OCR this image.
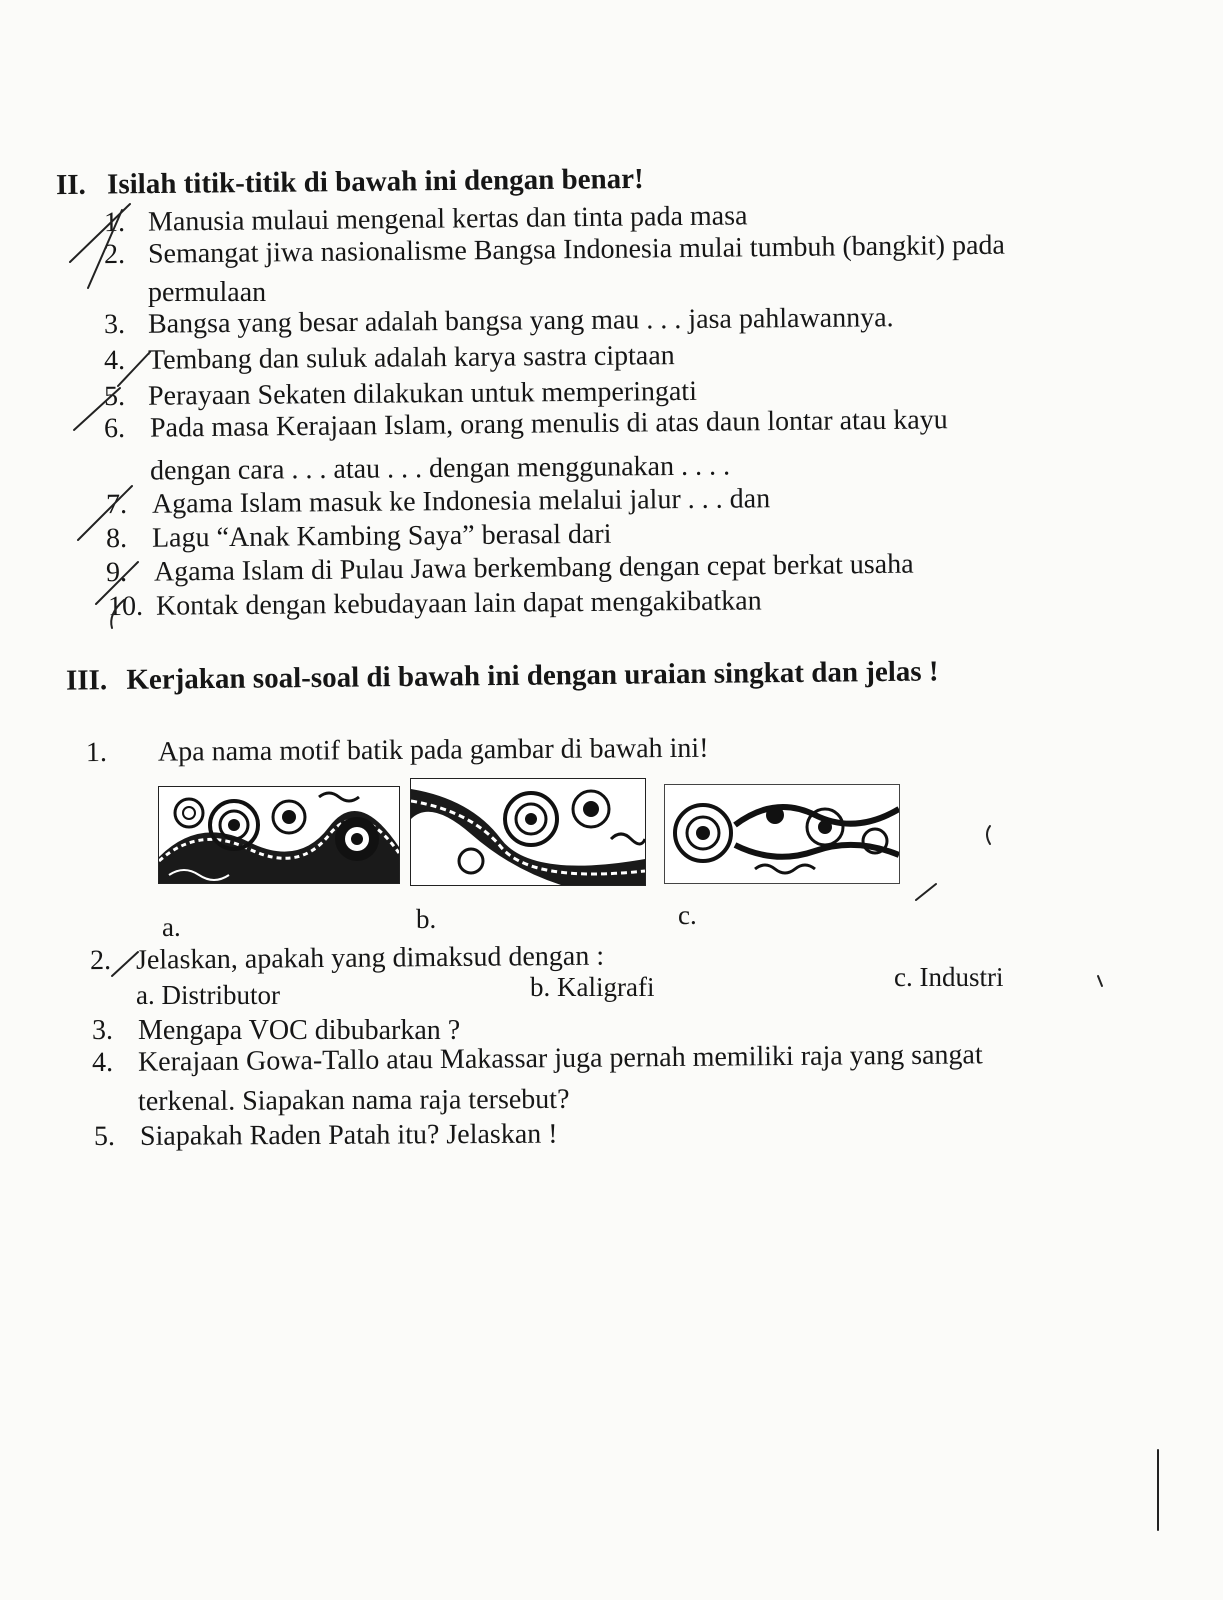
II. Isilah titik-titik di bawah ini dengan benar!
1. Manusia mulaui mengenal kertas dan tinta pada masa
2. Semangat jiwa nasionalisme Bangsa Indonesia mulai tumbuh (bangkit) pada
permulaan
3. Bangsa yang besar adalah bangsa yang mau . . . jasa pahlawannya.
4. Tembang dan suluk adalah karya sastra ciptaan
5. Perayaan Sekaten dilakukan untuk memperingati
6. Pada masa Kerajaan Islam, orang menulis di atas daun lontar atau kayu
dengan cara . . . atau . . . dengan menggunakan . . . .
7. Agama Islam masuk ke Indonesia melalui jalur . . . dan
8. Lagu “Anak Kambing Saya” berasal dari
9. Agama Islam di Pulau Jawa berkembang dengan cepat berkat usaha
10. Kontak dengan kebudayaan lain dapat mengakibatkan
III. Kerjakan soal-soal di bawah ini dengan uraian singkat dan jelas !
1. Apa nama motif batik pada gambar di bawah ini!
a.	b.	c.
2. Jelaskan, apakah yang dimaksud dengan :
a. Distributor	b. Kaligrafi	c. Industri
3. Mengapa VOC dibubarkan ?
4. Kerajaan Gowa-Tallo atau Makassar juga pernah memiliki raja yang sangat
terkenal. Siapakan nama raja tersebut?
5. Siapakah Raden Patah itu? Jelaskan !
